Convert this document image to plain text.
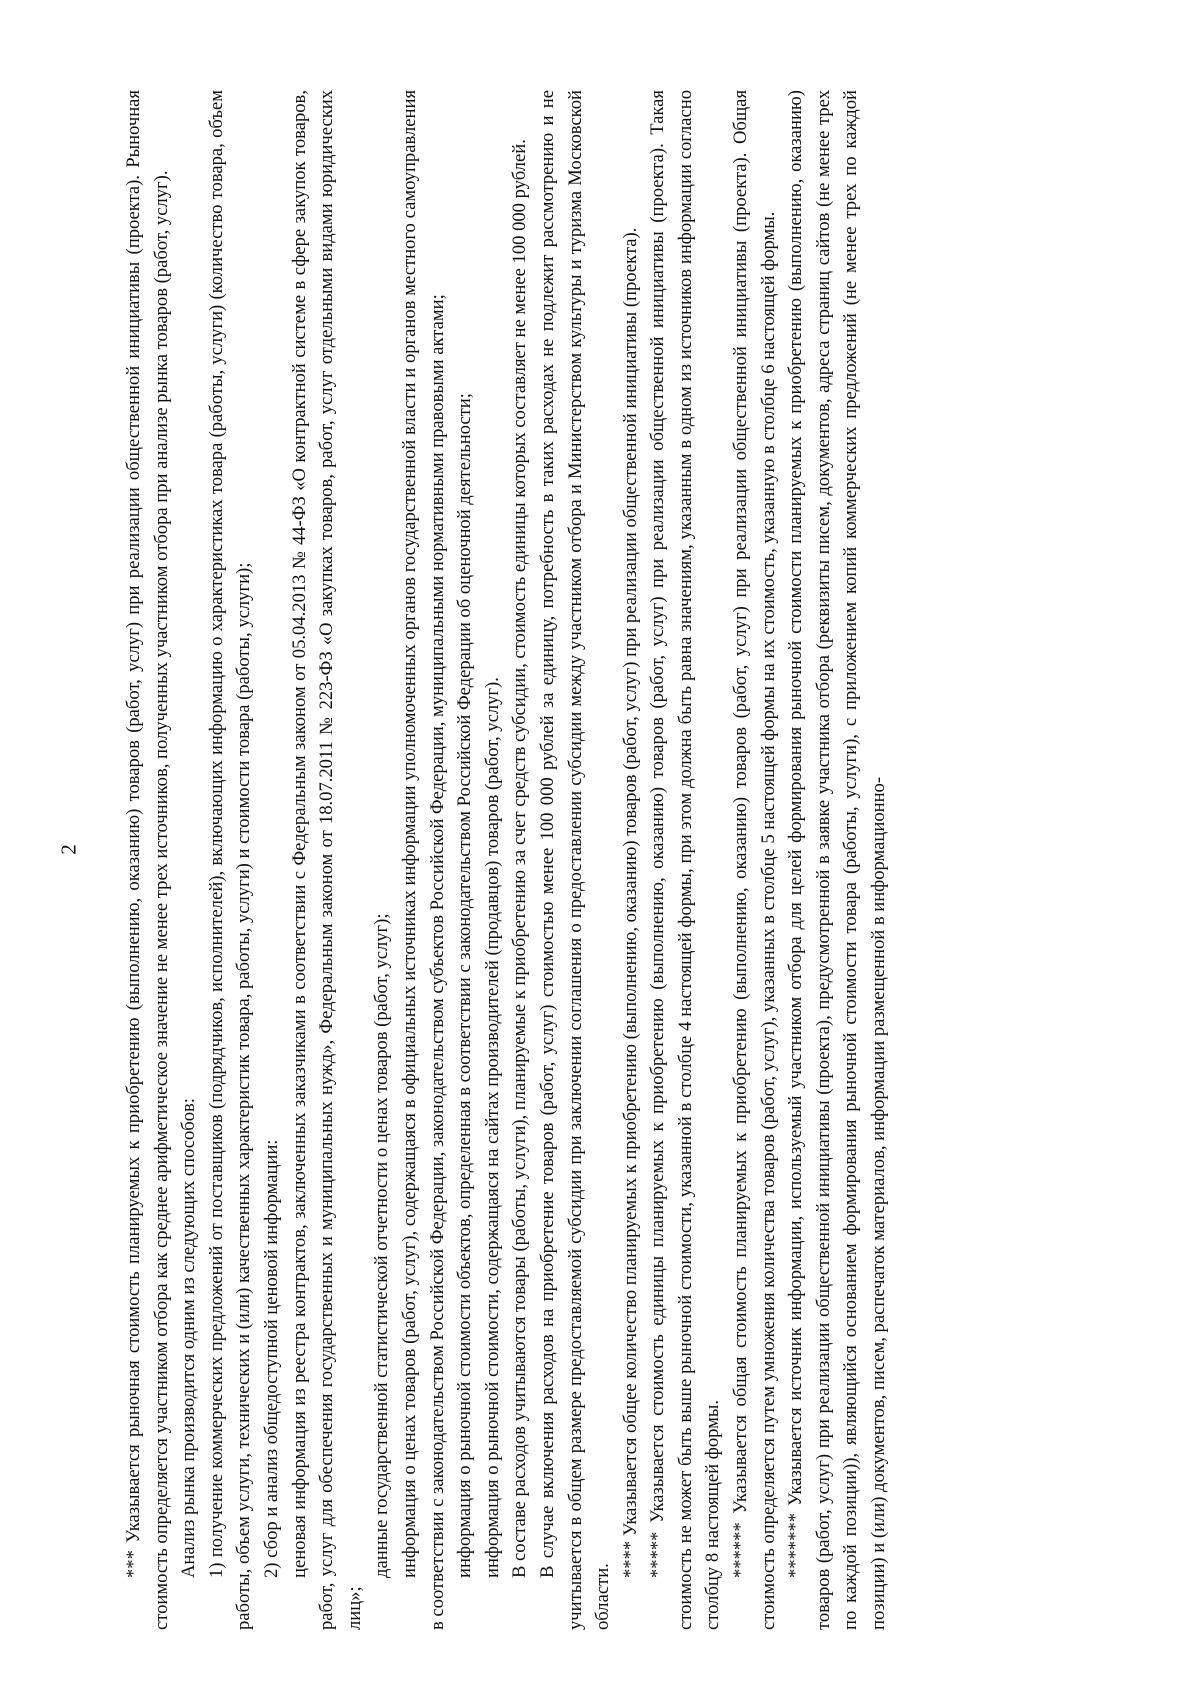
2 *** Указывается рыночная стоимость планируемых к приобретению (выполнению, оказанию) товаров (работ, услуг) при реализации общественной инициативы (проекта). Рыночная стоимость определяется участником отбора как среднее арифметическое значение не менее трех источников, полученных участником отбора при анализе рынка товаров (работ, услуг). Анализ рынка производится одним из следующих способов: 1) получение коммерческих предложений от поставщиков (подрядчиков, исполнителей), включающих информацию о характеристиках товара (работы, услуги) (количество товара, объем работы, объем услуги, технических и (или) качественных характеристик товара, работы, услуги) и стоимости товара (работы, услуги); 2) сбор и анализ общедоступной ценовой информации: ценовая информация из реестра контрактов, заключенных заказчиками в соответствии с Федеральным законом от 05.04.2013 № 44-ФЗ «О контрактной системе в сфере закупок товаров, работ, услуг для обеспечения государственных и муниципальных нужд», Федеральным законом от 18.07.2011 № 223-ФЗ «О закупках товаров, работ, услуг отдельными видами юридических лиц»;

данные государственной статистической отчетности о ценах товаров (работ, услуг); информация о ценах товаров (работ, услуг), содержащаяся в официальных источниках информации уполномоченных органов государственной власти и органов местного самоуправления в соответствии с законодательством Российской Федерации, законодательством субъектов Российской Федерации, муниципальными нормативными правовыми актами; информация о рыночной стоимости объектов, определенная в соответствии с законодательством Российской Федерации об оценочной деятельности; информация о рыночной стоимости, содержащаяся на сайтах производителей (продавцов) товаров (работ, услуг). В составе расходов учитываются товары (работы, услуги), планируемые к приобретению за счет средств субсидии, стоимость единицы которых составляет не менее 100 000 рублей. В случае включения расходов на приобретение товаров (работ, услуг) стоимостью менее 100 000 рублей за единицу, потребность в таких расходах не подлежит рассмотрению и не учитывается в общем размере предоставляемой субсидии при заключении соглашения о предоставлении субсидии между участником отбора и Министерством культуры и туризма Московской области.

**** Указывается общее количество планируемых к приобретению (выполнению, оказанию) товаров (работ, услуг) при реализации общественной инициативы (проекта). ***** Указывается стоимость единицы планируемых к приобретению (выполнению, оказанию) товаров (работ, услуг) при реализации общественной инициативы (проекта). Такая стоимость не может быть выше рыночной стоимости, указанной в столбце 4 настоящей формы, при этом должна быть равна значениям, указанным в одном из источников информации согласно столбцу 8 настоящей формы. ****** Указывается общая стоимость планируемых к приобретению (выполнению, оказанию) товаров (работ, услуг) при реализации общественной инициативы (проекта). Общая стоимость определяется путем умножения количества товаров (работ, услуг), указанных в столбце 5 настоящей формы на их стоимость, указанную в столбце 6 настоящей формы. ******* Указывается источник информации, используемый участником отбора для целей формирования рыночной стоимости планируемых к приобретению (выполнению, оказанию) товаров (работ, услуг) при реализации общественной инициативы (проекта), предусмотренной в заявке участника отбора (реквизиты писем, документов, адреса страниц сайтов (не менее трех по каждой позиции)), являющийся основанием формирования рыночной стоимости товара (работы, услуги), с приложением копий коммерческих предложений (не менее трех по каждой позиции) и (или) документов, писем, распечаток материалов, информации размещенной в информационно-
